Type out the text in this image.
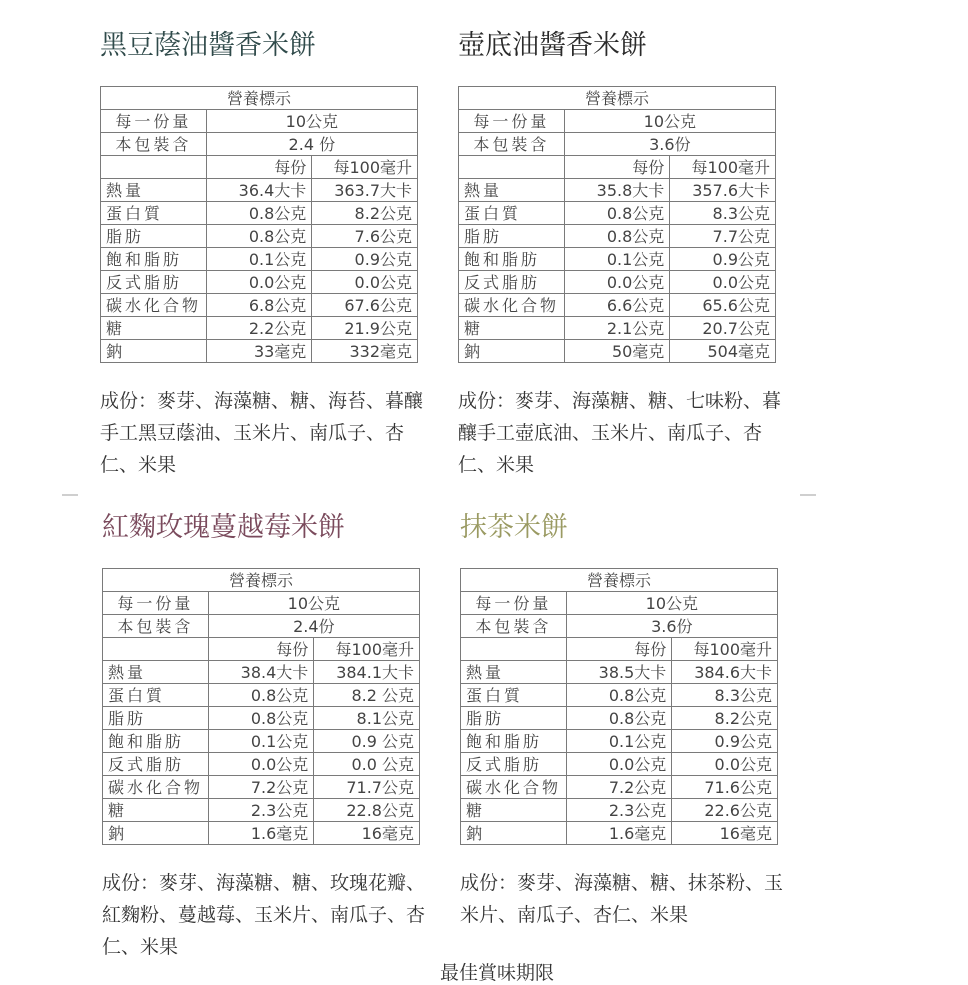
黑豆蔭油醬香米餅
營養標示		
每一份量	10公克	
本包裝含	2.4 份	
	每份	每100毫升
熱量	36.4大卡	363.7大卡
蛋白質	0.8公克	8.2公克
脂肪	0.8公克	7.6公克
飽和脂肪	0.1公克	0.9公克
反式脂肪	0.0公克	0.0公克
碳水化合物	6.8公克	67.6公克
糖	2.2公克	21.9公克
鈉	33毫克	332毫克
成份：麥芽、海藻糖、糖、海苔、暮釀手工黑豆蔭油、玉米片、南瓜子、杏仁、米果
壺底油醬香米餅
營養標示		
每一份量	10公克	
本包裝含	3.6份	
	每份	每100毫升
熱量	35.8大卡	357.6大卡
蛋白質	0.8公克	8.3公克
脂肪	0.8公克	7.7公克
飽和脂肪	0.1公克	0.9公克
反式脂肪	0.0公克	0.0公克
碳水化合物	6.6公克	65.6公克
糖	2.1公克	20.7公克
鈉	50毫克	504毫克
成份：麥芽、海藻糖、糖、七味粉、暮釀手工壺底油、玉米片、南瓜子、杏仁、米果
紅麴玫瑰蔓越莓米餅
營養標示		
每一份量	10公克	
本包裝含	2.4份	
	每份	每100毫升
熱量	38.4大卡	384.1大卡
蛋白質	0.8公克	8.2 公克
脂肪	0.8公克	8.1公克
飽和脂肪	0.1公克	0.9 公克
反式脂肪	0.0公克	0.0 公克
碳水化合物	7.2公克	71.7公克
糖	2.3公克	22.8公克
鈉	1.6毫克	16毫克
成份：麥芽、海藻糖、糖、玫瑰花瓣、紅麴粉、蔓越莓、玉米片、南瓜子、杏仁、米果
抹茶米餅
營養標示		
每一份量	10公克	
本包裝含	3.6份	
	每份	每100毫升
熱量	38.5大卡	384.6大卡
蛋白質	0.8公克	8.3公克
脂肪	0.8公克	8.2公克
飽和脂肪	0.1公克	0.9公克
反式脂肪	0.0公克	0.0公克
碳水化合物	7.2公克	71.6公克
糖	2.3公克	22.6公克
鈉	1.6毫克	16毫克
成份：麥芽、海藻糖、糖、抹茶粉、玉米片、南瓜子、杏仁、米果
最佳賞味期限
